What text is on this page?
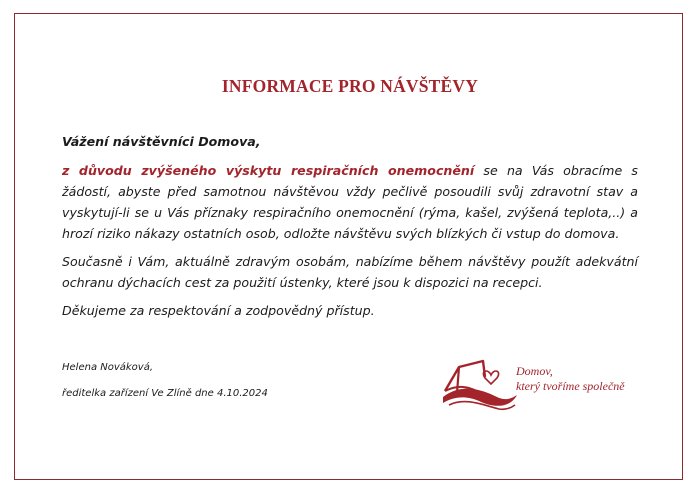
INFORMACE PRO NÁVŠTĚVY

Vážení návštěvníci Domova,

z důvodu zvýšeného výskytu respiračních onemocnění se na Vás obracíme s žádostí, abyste před samotnou návštěvou vždy pečlivě posoudili svůj zdravotní stav a vyskytují-li se u Vás příznaky respiračního onemocnění (rýma, kašel, zvýšená teplota,..) a hrozí riziko nákazy ostatních osob, odložte návštěvu svých blízkých či vstup do domova.

Současně i Vám, aktuálně zdravým osobám, nabízíme během návštěvy použít adekvátní ochranu dýchacích cest za použití ústenky, které jsou k dispozici na recepci.

Děkujeme za respektování a zodpovědný přístup.

Helena Nováková,
ředitelka zařízení Ve Zlíně dne 4.10.2024
Domov,
který tvoříme společně
